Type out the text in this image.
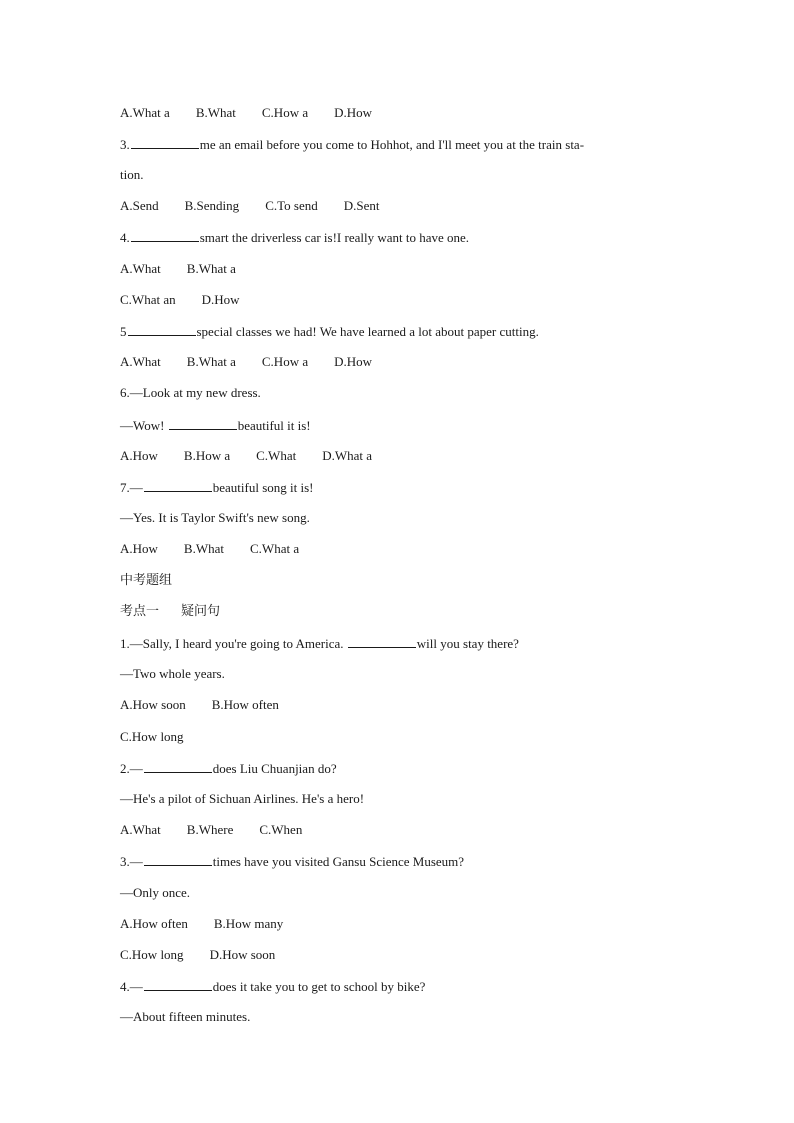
A.What a B.What C.How a D.How
3.	me an email before you come to Hohhot, and I'll meet you at the train sta-
tion.
A.Send B.Sending C.To send D.Sent
4.	smart the driverless car is!I really want to have one.
A.What B.What a
C.What an D.How
5	special classes we had! We have learned a lot about paper cutting.
A.What B.What a C.How a D.How
6.—Look at my new dress.
—Wow!	beautiful it is!
A.How B.How a C.What D.What a
7.—	beautiful song it is!
—Yes. It is Taylor Swift's new song.
A.How B.What C.What a
中考题组
考点一 疑问句
1.—Sally, I heard you're going to America.	will you stay there?
—Two whole years.
A.How soon B.How often
C.How long
2.—	does Liu Chuanjian do?
—He's a pilot of Sichuan Airlines. He's a hero!
A.What B.Where C.When
3.—	times have you visited Gansu Science Museum?
—Only once.
A.How often B.How many
C.How long D.How soon
4.—	does it take you to get to school by bike?
—About fifteen minutes.
